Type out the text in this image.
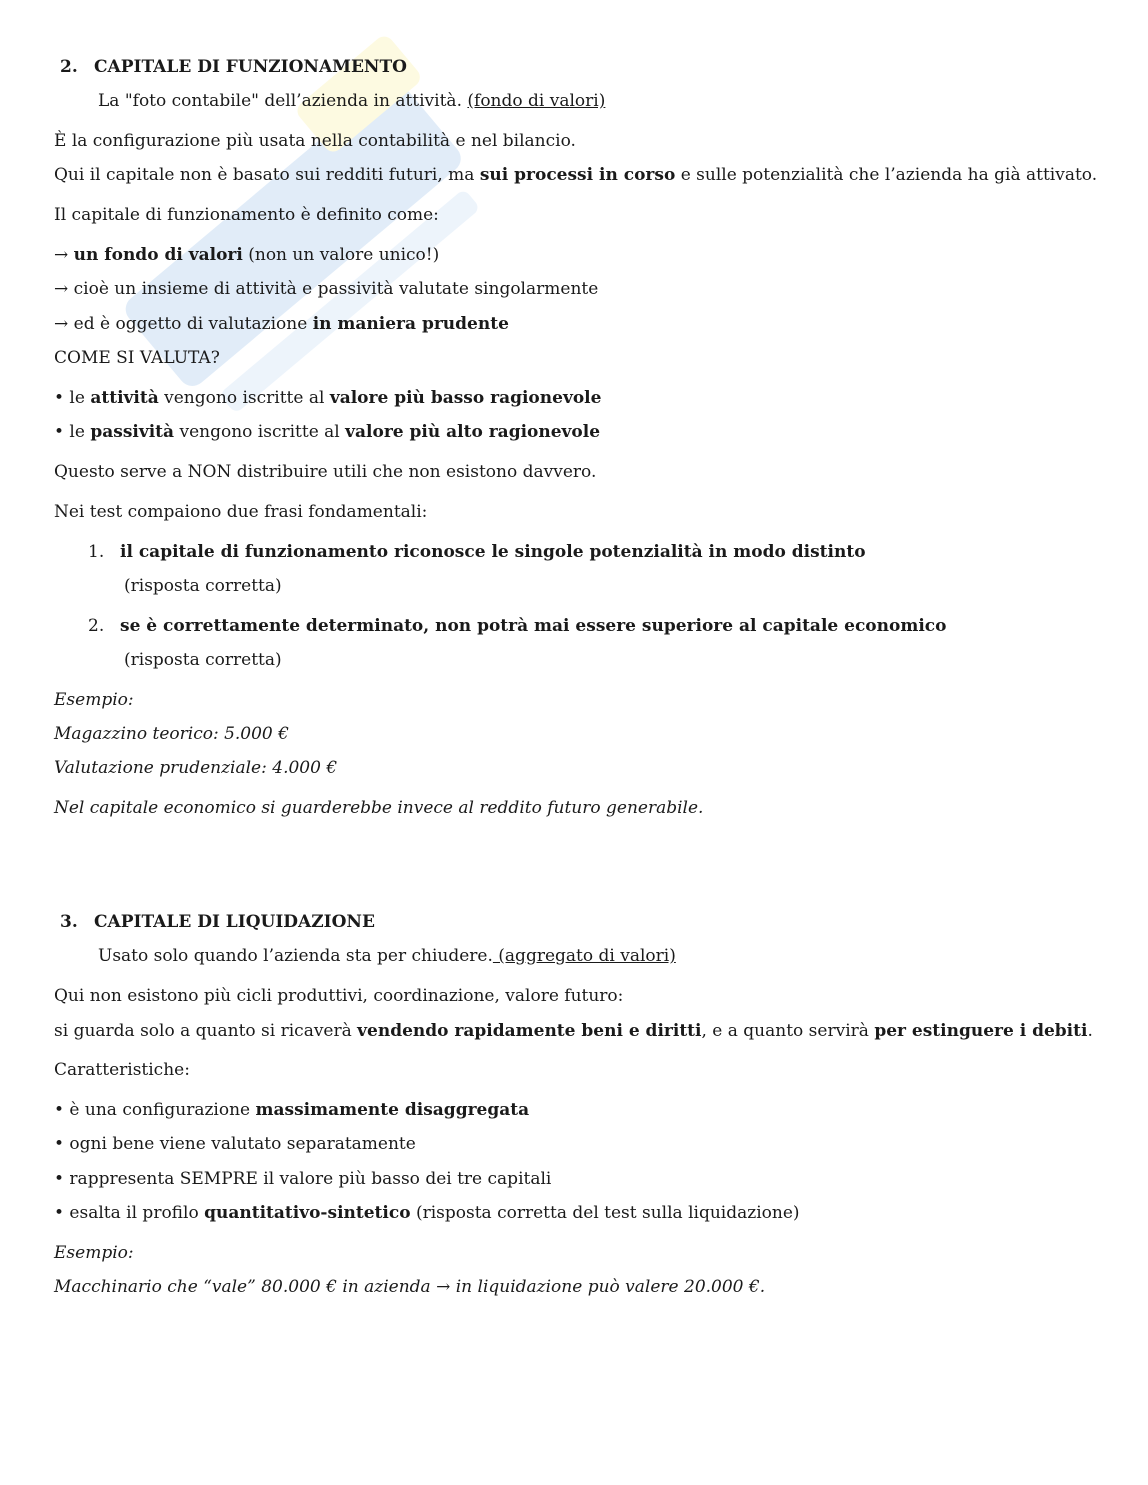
2. CAPITALE DI FUNZIONAMENTO
La "foto contabile" dell’azienda in attività. (fondo di valori)
È la configurazione più usata nella contabilità e nel bilancio.
Qui il capitale non è basato sui redditi futuri, ma sui processi in corso e sulle potenzialità che l’azienda ha già attivato.
Il capitale di funzionamento è definito come:
→ un fondo di valori (non un valore unico!)
→ cioè un insieme di attività e passività valutate singolarmente
→ ed è oggetto di valutazione in maniera prudente
COME SI VALUTA?
• le attività vengono iscritte al valore più basso ragionevole
• le passività vengono iscritte al valore più alto ragionevole
Questo serve a NON distribuire utili che non esistono davvero.
Nei test compaiono due frasi fondamentali:
1. il capitale di funzionamento riconosce le singole potenzialità in modo distinto
(risposta corretta)
2. se è correttamente determinato, non potrà mai essere superiore al capitale economico
(risposta corretta)
Esempio:
Magazzino teorico: 5.000 €
Valutazione prudenziale: 4.000 €
Nel capitale economico si guarderebbe invece al reddito futuro generabile.
3. CAPITALE DI LIQUIDAZIONE
Usato solo quando l’azienda sta per chiudere. (aggregato di valori)
Qui non esistono più cicli produttivi, coordinazione, valore futuro:
si guarda solo a quanto si ricaverà vendendo rapidamente beni e diritti, e a quanto servirà per estinguere i debiti.
Caratteristiche:
• è una configurazione massimamente disaggregata
• ogni bene viene valutato separatamente
• rappresenta SEMPRE il valore più basso dei tre capitali
• esalta il profilo quantitativo-sintetico (risposta corretta del test sulla liquidazione)
Esempio:
Macchinario che “vale” 80.000 € in azienda → in liquidazione può valere 20.000 €.
